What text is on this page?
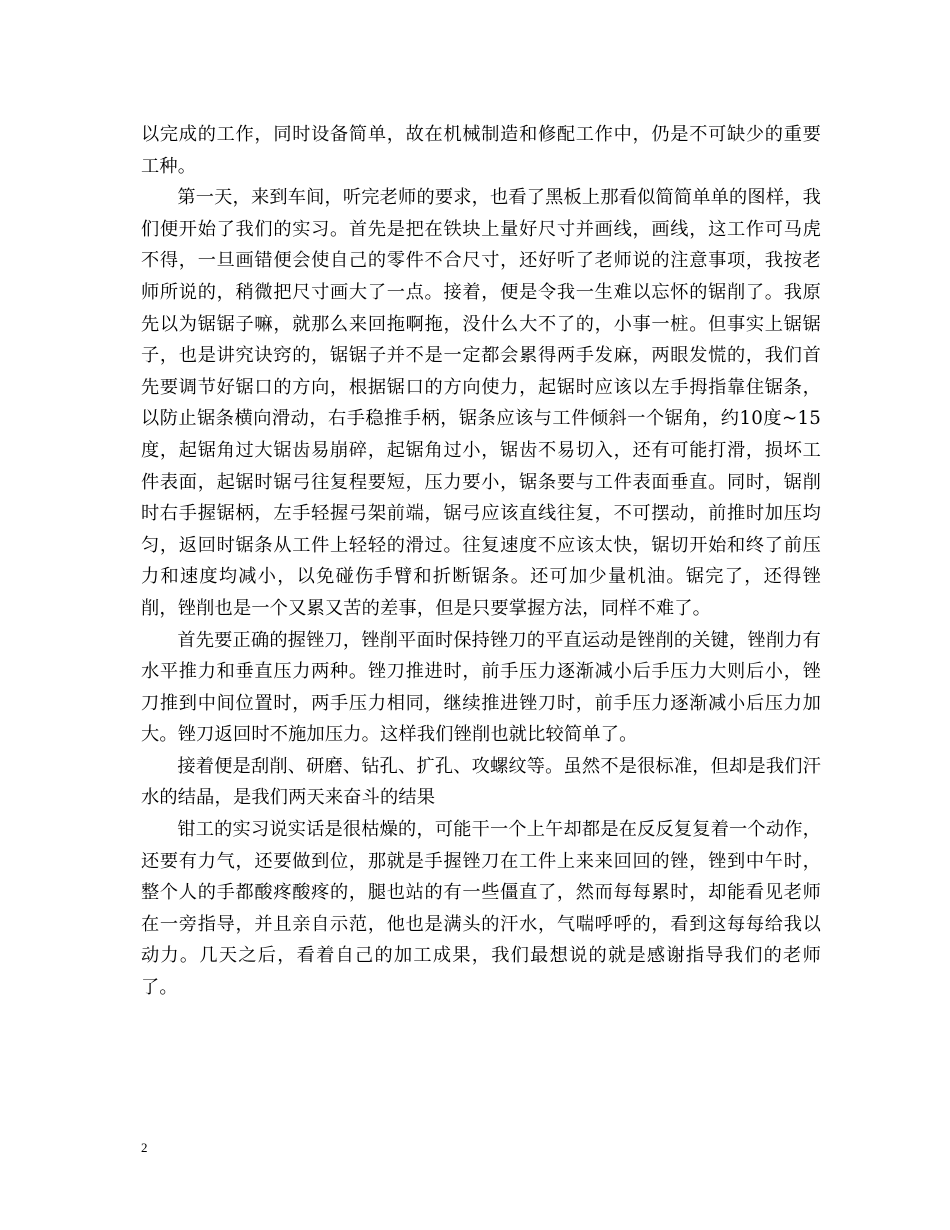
以完成的工作，同时设备简单，故在机械制造和修配工作中，仍是不可缺少的重要工种。

第一天，来到车间，听完老师的要求，也看了黑板上那看似简简单单的图样，我们便开始了我们的实习。首先是把在铁块上量好尺寸并画线，画线，这工作可马虎不得，一旦画错便会使自己的零件不合尺寸，还好听了老师说的注意事项，我按老师所说的，稍微把尺寸画大了一点。接着，便是令我一生难以忘怀的锯削了。我原先以为锯锯子嘛，就那么来回拖啊拖，没什么大不了的，小事一桩。但事实上锯锯子，也是讲究诀窍的，锯锯子并不是一定都会累得两手发麻，两眼发慌的，我们首先要调节好锯口的方向，根据锯口的方向使力，起锯时应该以左手拇指靠住锯条，以防止锯条横向滑动，右手稳推手柄，锯条应该与工件倾斜一个锯角，约10度~15度，起锯角过大锯齿易崩碎，起锯角过小，锯齿不易切入，还有可能打滑，损坏工件表面，起锯时锯弓往复程要短，压力要小，锯条要与工件表面垂直。同时，锯削时右手握锯柄，左手轻握弓架前端，锯弓应该直线往复，不可摆动，前推时加压均匀，返回时锯条从工件上轻轻的滑过。往复速度不应该太快，锯切开始和终了前压力和速度均减小，以免碰伤手臂和折断锯条。还可加少量机油。锯完了，还得锉削，锉削也是一个又累又苦的差事，但是只要掌握方法，同样不难了。

首先要正确的握锉刀，锉削平面时保持锉刀的平直运动是锉削的关键，锉削力有水平推力和垂直压力两种。锉刀推进时，前手压力逐渐减小后手压力大则后小，锉刀推到中间位置时，两手压力相同，继续推进锉刀时，前手压力逐渐减小后压力加大。锉刀返回时不施加压力。这样我们锉削也就比较简单了。

接着便是刮削、研磨、钻孔、扩孔、攻螺纹等。虽然不是很标准，但却是我们汗水的结晶，是我们两天来奋斗的结果

钳工的实习说实话是很枯燥的，可能干一个上午却都是在反反复复着一个动作，还要有力气，还要做到位，那就是手握锉刀在工件上来来回回的锉，锉到中午时，整个人的手都酸疼酸疼的，腿也站的有一些僵直了，然而每每累时，却能看见老师在一旁指导，并且亲自示范，他也是满头的汗水，气喘呼呼的，看到这每每给我以动力。几天之后，看着自己的加工成果，我们最想说的就是感谢指导我们的老师了。

2
